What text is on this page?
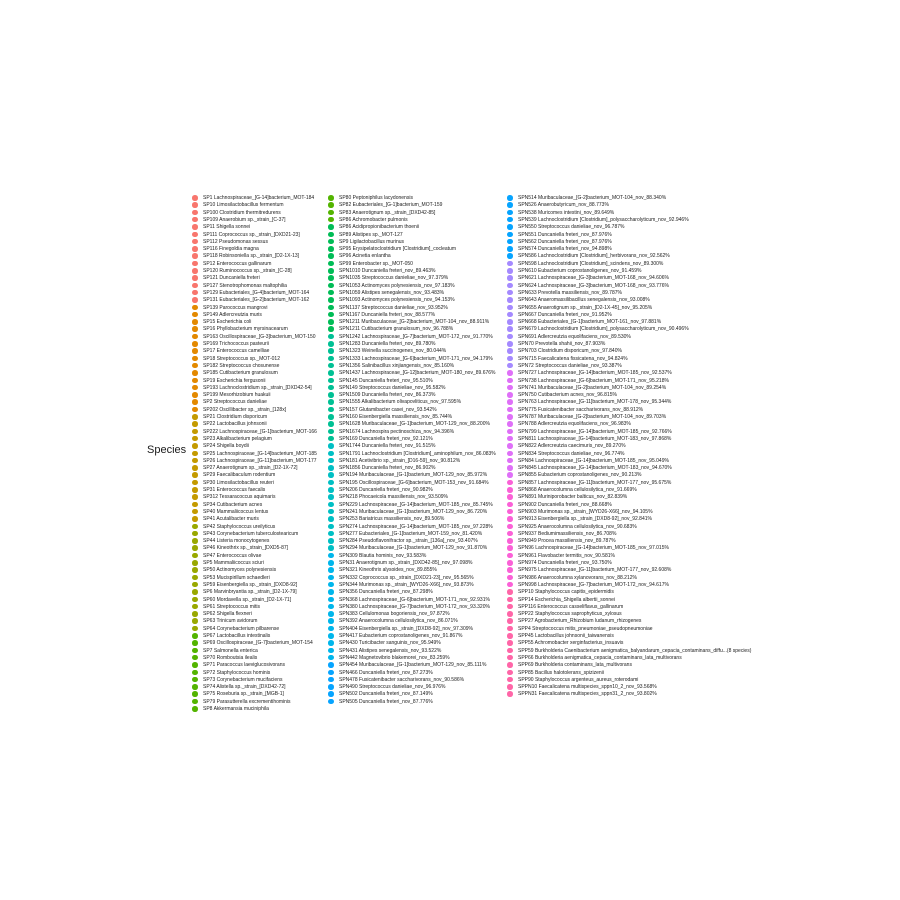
Species
SP1 Lachnospiraceae_[G-14]bacterium_MOT-184
SP10 Limosilactobacillus fermentum
SP100 Clostridium thermitredurens
SP109 Anaerobium sp._strain_[C-37]
SP11 Shigella sonnei
SP111 Coprococcus sp._strain_[DXD21-23]
SP112 Pseudomonas sessus
SP116 Finegoldia magna
SP118 Robinsoniella sp._strain_[D2-1X-13]
SP12 Enterococcus gallinarum
SP120 Ruminococcus sp._strain_[C-28]
SP121 Duncaniella freteri
SP127 Stenotrophomonas maltophilia
SP129 Eubacteriales_[G-4]bacterium_MOT-164
SP131 Eubacteriales_[G-2]bacterium_MOT-162
SP139 Parococcus mangrovi
SP149 Adlercreutzia muris
SP15 Escherichia coli
SP16 Phyllobacterium myrsinacearum
SP163 Oscillospiraceae_[G-3]bacterium_MOT-150
SP169 Trichococcus pasteurii
SP17 Enterococcus camelliae
SP18 Streptococcus sp._MOT-012
SP182 Streptococcus chosunense
SP185 Cutibacterium granulosum
SP19 Escherichia fergusonii
SP193 Lachnoclostridium sp._strain_[DXD42-54]
SP199 Mesorhizobium huakuii
SP2 Streptococcus danieliae
SP202 Oscillibacter sp._strain_[128x]
SP21 Clostridium disporicum
SP22 Lactobacillus johnsonii
SP222 Lachnospiraceae_[G-1]bacterium_MOT-166
SP23 Alkalibacterium pelagium
SP24 Shigella boydii
SP25 Lachnospiraceae_[G-14]bacterium_MOT-185
SP26 Lachnospiraceae_[G-11]bacterium_MOT-177
SP27 Anaerotignum sp._strain_[D2-1X-72]
SP29 Faecalibaculum rodentium
SP30 Limosilactobacillus reuteri
SP31 Enterococcus faecalis
SP312 Tessaracoccus aquimaris
SP34 Cutibacterium acnes
SP40 Mammaliicoccus lentus
SP41 Acutalibacter muris
SP42 Staphylococcus ureilyticus
SP43 Corynebacterium tuberculostearicum
SP44 Listeria monocytogenes
SP46 Kineothrix sp._strain_[DXD5-87]
SP47 Enterococcus olivae
SP5 Mammaliicoccus sciuri
SP50 Actinomyces polynesiensis
SP53 Mucispirillum schaedleri
SP59 Eisenbergiella sp._strain_[DXD8-92]
SP6 Marvinbryantia sp._strain_[D2-1X-79]
SP60 Mordavella sp._strain_[D2-1X-71]
SP61 Streptococcus mitis
SP62 Shigella flexneri
SP63 Trinicum avidorum
SP64 Corynebacterium pilbarense
SP67 Lactobacillus intestinalis
SP69 Oscillospiraceae_[G-7]bacterium_MOT-154
SP7 Salmonella enterica
SP70 Romboutsia ilealis
SP71 Paracoccus laeviglucosivorans
SP72 Staphylococcus hominis
SP73 Corynebacterium mucifaciens
SP74 Alistella sp._strain_[DXD42-72]
SP75 Roseburia sp._strain_[MGB-1]
SP79 Parasutterella excrementihominis
SP8 Akkermansia muciniphila
SP80 Peptoniphilus lacydonensis
SP82 Eubacteriales_[G-1]bacterium_MOT-159
SP83 Anaerotignum sp._strain_[DXD42-85]
SP86 Achromobacter pulmonis
SP86 Acidipropionibacterium thoenii
SP89 Alistipes sp._MOT-127
SP9 Ligilactobacillus murinus
SP95 Erysipelatoclostridium [Clostridium]_cocleatum
SP96 Acinetia enlantha
SP99 Enterobacter sp._MOT-050
SPN1010 Duncaniella freteri_nov_89.463%
SPN1035 Streptococcus danieliae_nov_97.379%
SPN1053 Actinomyces polynesiensis_nov_97.183%
SPN1059 Alistipes senegalensis_nov_93.483%
SPN1093 Actinomyces polynesiensis_nov_94.153%
SPN1137 Streptococcus danieliae_nov_93.952%
SPN1167 Duncaniella freteri_nov_88.577%
SPN1211 Muribaculaceae_[G-2]bacterium_MOT-104_nov_88.911%
SPN1211 Cutibacterium granulosum_nov_96.788%
SPN1242 Lachnospiraceae_[G-7]bacterium_MOT-172_nov_91.770%
SPN1283 Duncaniella freteri_nov_89.780%
SPN1323 Weinella succinogenes_nov_80.044%
SPN1333 Lachnospiraceae_[G-6]bacterium_MOT-171_nov_94.179%
SPN1356 Salinibacillus xinjiangensis_nov_85.160%
SPN1437 Lachnospiraceae_[G-12]bacterium_MOT-180_nov_89.676%
SPN145 Duncaniella freteri_nov_95.510%
SPN149 Streptococcus danieliae_nov_95.582%
SPN1509 Duncaniella freteri_nov_86.373%
SPN1555 Alkalibacterium olivapovliticus_nov_97.595%
SPN157 Glutamibacter casei_nov_93.542%
SPN160 Eisenbergiella massiliensis_nov_85.744%
SPN1628 Muribaculaceae_[G-1]bacterium_MOT-129_nov_88.200%
SPN1674 Lachnospira pectinoschiza_nov_94.396%
SPN169 Duncaniella freteri_nov_92.121%
SPN1744 Duncaniella freteri_nov_91.515%
SPN1791 Lachnoclostridium [Clostridium]_aminophilum_nov_86.083%
SPN181 Acetivibrio sp._strain_[D16-59]_nov_90.812%
SPN1856 Duncaniella freteri_nov_86.902%
SPN194 Muribaculaceae_[G-1]bacterium_MOT-129_nov_85.972%
SPN195 Oscillospiraceae_[G-6]bacterium_MOT-153_nov_91.684%
SPN206 Duncaniella freteri_nov_90.982%
SPN218 Phocaeicola massiliensis_nov_93.509%
SPN229 Lachnospiraceae_[G-14]bacterium_MOT-185_nov_85.745%
SPN241 Muribaculaceae_[G-1]bacterium_MOT-129_nov_86.720%
SPN253 Bariatricus massiliensis_nov_89.506%
SPN274 Lachnospiraceae_[G-14]bacterium_MOT-185_nov_97.228%
SPN277 Eubacteriales_[G-1]bacterium_MOT-159_nov_81.420%
SPN284 Pseudoflavonifractor sp._strain_[136a]_nov_93.407%
SPN294 Muribaculaceae_[G-1]bacterium_MOT-129_nov_91.870%
SPN309 Blautia hominis_nov_93.583%
SPN31 Anaerotignum sp._strain_[DXD42-85]_nov_97.098%
SPN321 Kineothrix alysoides_nov_89.855%
SPN332 Coprococcus sp._strain_[DXD21-23]_nov_95.565%
SPN344 Murimonas sp._strain_[WYD26-X66]_nov_93.873%
SPN356 Duncaniella freteri_nov_87.298%
SPN368 Lachnospiraceae_[G-6]bacterium_MOT-171_nov_92.931%
SPN380 Lachnospiraceae_[G-7]bacterium_MOT-172_nov_93.320%
SPN383 Cellulomonas bogoriensis_nov_97.872%
SPN392 Anaerocolumna cellulosilytica_nov_86.071%
SPN404 Eisenbergiella sp._strain_[DXD8-92]_nov_97.309%
SPN417 Eubacterium coprostanoligenes_nov_91.867%
SPN430 Turicibacter sanguinis_nov_95.949%
SPN431 Alistipes senegalensis_nov_93.522%
SPN442 Magnetovibrio blakemorei_nov_83.259%
SPN454 Muribaculaceae_[G-1]bacterium_MOT-129_nov_85.111%
SPN466 Duncaniella freteri_nov_87.273%
SPN478 Fusicatenibacter saccharivorans_nov_90.586%
SPN490 Streptococcus danieliae_nov_96.976%
SPN502 Duncaniella freteri_nov_87.149%
SPN505 Duncaniella freteri_nov_87.776%
SPN514 Muribaculaceae_[G-2]bacterium_MOT-104_nov_88.340%
SPN526 Anaerobutyricum_nov_88.773%
SPN538 Muricomes intestini_nov_89.649%
SPN539 Lachnoclostridium [Clostridium]_polysaccharolyticum_nov_92.946%
SPN550 Streptococcus danieliae_nov_96.787%
SPN551 Duncaniella freteri_nov_87.976%
SPN562 Duncaniella freteri_nov_87.976%
SPN574 Duncaniella freteri_nov_94.898%
SPN586 Lachnoclostridium [Clostridium]_herbivorans_nov_92.562%
SPN598 Lachnoclostridium [Clostridium]_scindens_nov_89.300%
SPN610 Eubacterium coprostanoligenes_nov_91.459%
SPN621 Lachnospiraceae_[G-3]bacterium_MOT-168_nov_94.606%
SPN624 Lachnospiraceae_[G-3]bacterium_MOT-168_nov_93.776%
SPN633 Prevotella massiliensis_nov_89.787%
SPN643 Anaeromassilibacillus senegalensis_nov_93.008%
SPN655 Anaerotignum sp._strain_[D2-1X-45]_nov_95.205%
SPN667 Duncaniella freteri_nov_91.952%
SPN668 Eubacteriales_[G-1]bacterium_MOT-161_nov_97.881%
SPN679 Lachnoclostridium [Clostridium]_polysaccharolyticum_nov_90.496%
SPN691 Adlercreutzia equolifaciens_nov_89.530%
SPN70 Prevotella shahii_nov_87.903%
SPN703 Clostridium disporicum_nov_97.840%
SPN715 Faecalicatena fissicatena_nov_94.824%
SPN72 Streptococcus danieliae_nov_93.387%
SPN727 Lachnospiraceae_[G-14]bacterium_MOT-185_nov_92.537%
SPN738 Lachnospiraceae_[G-6]bacterium_MOT-171_nov_95.218%
SPN741 Muribaculaceae_[G-2]bacterium_MOT-104_nov_89.254%
SPN750 Cutibacterium acnes_nov_96.815%
SPN763 Lachnospiraceae_[G-11]bacterium_MOT-178_nov_95.344%
SPN775 Fusicatenibacter saccharivorans_nov_88.912%
SPN787 Muribaculaceae_[G-2]bacterium_MOT-104_nov_89.703%
SPN788 Adlercreutzia equolifaciens_nov_96.983%
SPN799 Lachnospiraceae_[G-14]bacterium_MOT-185_nov_92.766%
SPN811 Lachnospiraceae_[G-14]bacterium_MOT-183_nov_97.868%
SPN822 Adlercreutzia caecimuris_nov_89.270%
SPN834 Streptococcus danieliae_nov_96.774%
SPN84 Lachnospiraceae_[G-14]bacterium_MOT-185_nov_95.049%
SPN845 Lachnospiraceae_[G-14]bacterium_MOT-183_nov_94.670%
SPN855 Eubacterium coprostanoligenes_nov_90.213%
SPN857 Lachnospiraceae_[G-11]bacterium_MOT-177_nov_95.675%
SPN868 Anaerocolumna cellulosilytica_nov_91.669%
SPN891 Muriniporobacter balticus_nov_82.839%
SPN902 Duncaniella freteri_nov_88.668%
SPN903 Murimonas sp._strain_[WYD26-X66]_nov_94.105%
SPN913 Eisenbergiella sp._strain_[DXD8-92]_nov_92.841%
SPN925 Anaerocolumna cellulosilytica_nov_90.683%
SPN937 Bediumimassiliensis_nov_86.708%
SPN949 Procea massiliensis_nov_89.787%
SPN96 Lachnospiraceae_[G-14]bacterium_MOT-185_nov_97.015%
SPN961 Flavobacter termitis_nov_90.581%
SPN974 Duncaniella freteri_nov_93.750%
SPN975 Lachnospiraceae_[G-11]bacterium_MOT-177_nov_92.608%
SPN986 Anaerocolumna xylanovorans_nov_88.212%
SPN998 Lachnospiraceae_[G-7]bacterium_MOT-172_nov_94.617%
SPP10 Staphylococcus capitis_epidermidis
SPP14 Escherichia_Shigella albertii_sonnei
SPP116 Enterococcus casseliflavus_gallinarum
SPP22 Staphylococcus saprophyticus_xylosus
SPP27 Agrobacterium_Rhizobium ludanum_rhizogenes
SPP4 Streptococcus mitis_pneumoniae_pseudopneumoniae
SPP45 Lactobacillus johnsonii_taiwanensis
SPP55 Achromobacter xerginfacterius_insuavis
SPP59 Burkholderia Caenibacterium aenigmatica_balyandarum_cepacia_contaminans_diffu...(8 species)
SPP66 Burkholderia aenigmatica_cepacia_contaminans_lata_multivorans
SPP69 Burkholderia contaminans_lata_multivorans
SPP85 Bacillus halotolerans_spizizenii
SPP90 Staphylococcus argenteus_aureus_roterodami
SPPN10 Faecalicatena multispecies_sppn10_2_nov_93.568%
SPPN31 Faecalicatena multispecies_sppn31_2_nov_93.802%
